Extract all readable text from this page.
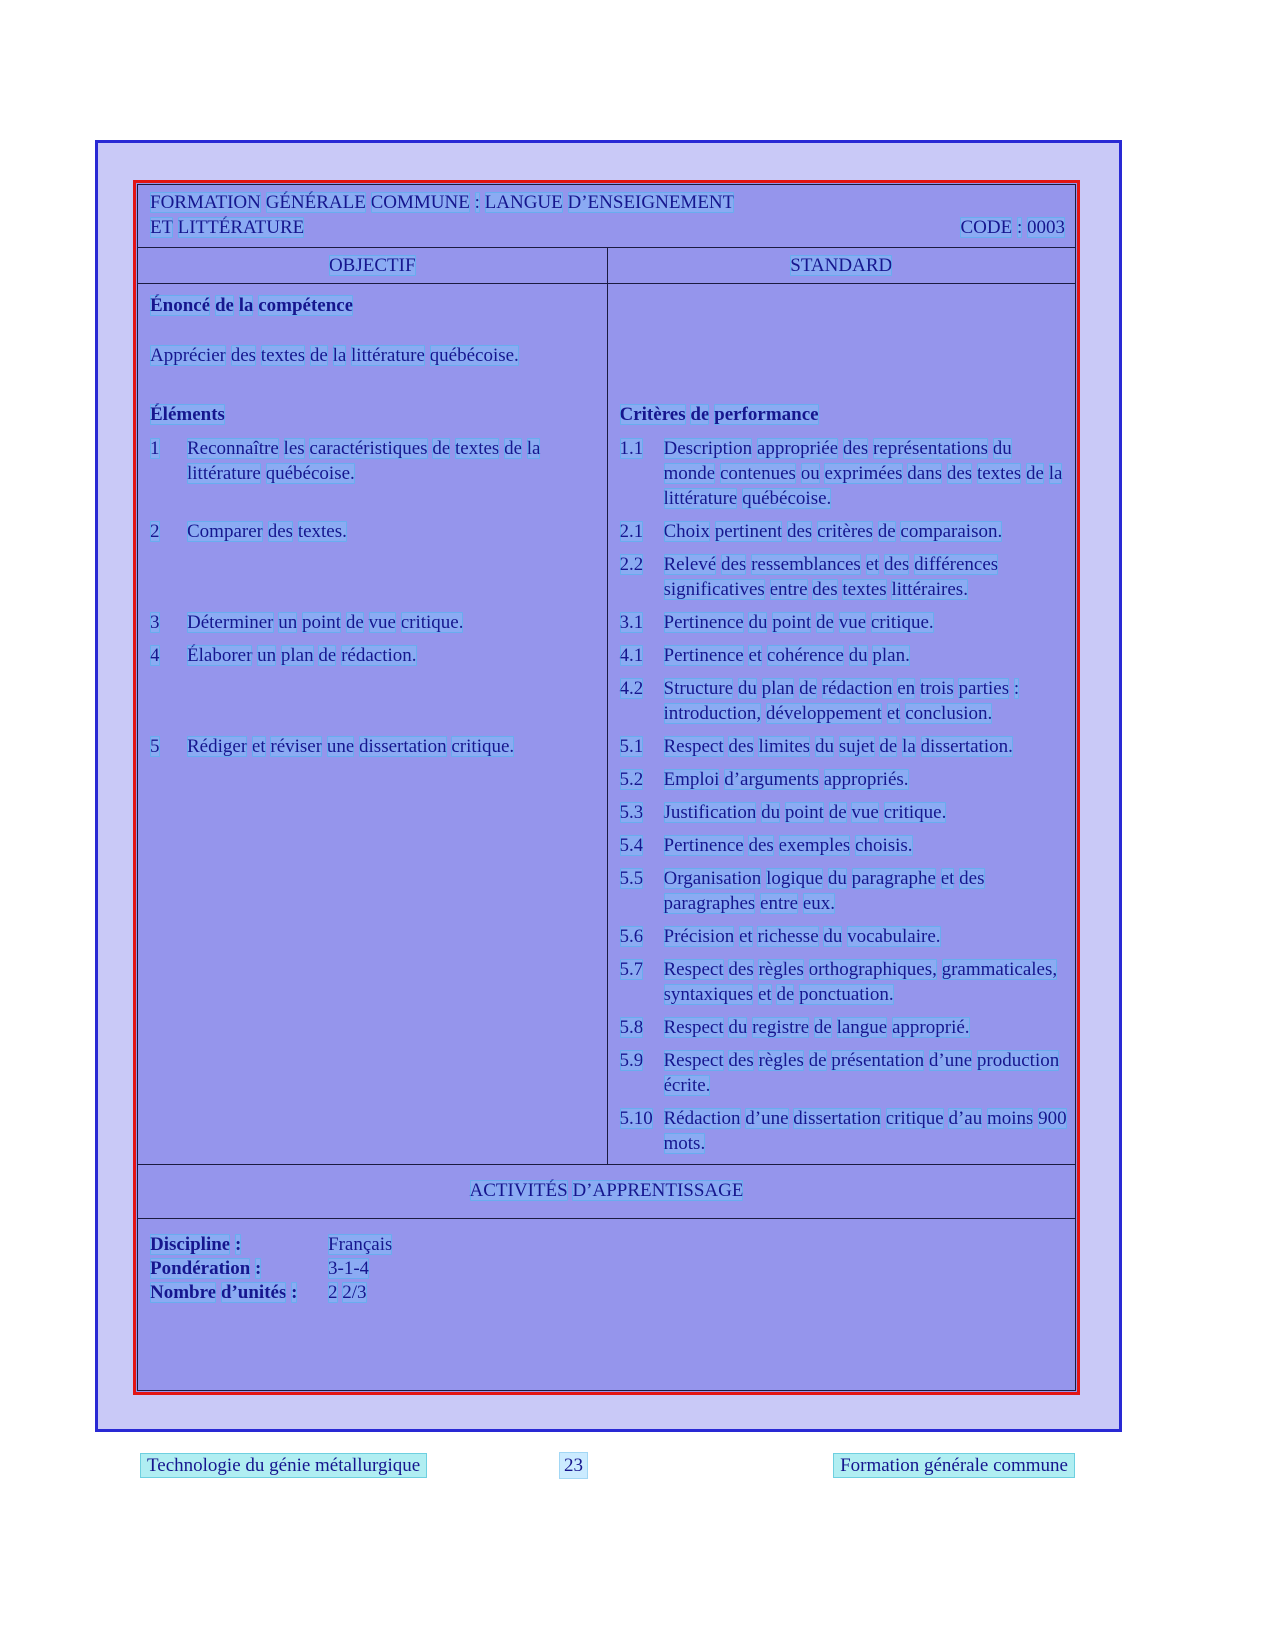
FORMATION GÉNÉRALE COMMUNE : LANGUE D’ENSEIGNEMENT
ET LITTÉRATURE	CODE : 0003
OBJECTIF	STANDARD
Énoncé de la compétence
Apprécier des textes de la littérature québécoise.
Éléments	Critères de performance
1	Reconnaître les caractéristiques de textes de la littérature québécoise.
1.1	Description appropriée des représentations du monde contenues ou exprimées dans des textes de la littérature québécoise.
2	Comparer des textes.	2.1	Choix pertinent des critères de comparaison.
2.2	Relevé des ressemblances et des différences significatives entre des textes littéraires.
3	Déterminer un point de vue critique.	3.1	Pertinence du point de vue critique.
4	Élaborer un plan de rédaction.	4.1	Pertinence et cohérence du plan.
4.2	Structure du plan de rédaction en trois parties : introduction, développement et conclusion.
5	Rédiger et réviser une dissertation critique.	5.1	Respect des limites du sujet de la dissertation.
5.2	Emploi d’arguments appropriés.
5.3	Justification du point de vue critique.
5.4	Pertinence des exemples choisis.
5.5	Organisation logique du paragraphe et des paragraphes entre eux.
5.6	Précision et richesse du vocabulaire.
5.7	Respect des règles orthographiques, grammaticales, syntaxiques et de ponctuation.
5.8	Respect du registre de langue approprié.
5.9	Respect des règles de présentation d’une production écrite.
5.10 Rédaction d’une dissertation critique d’au moins 900 mots.
ACTIVITÉS D’APPRENTISSAGE
Discipline :	Français
Pondération :	3-1-4
Nombre d’unités :	2 2/3
Technologie du génie métallurgique	23	Formation générale commune
